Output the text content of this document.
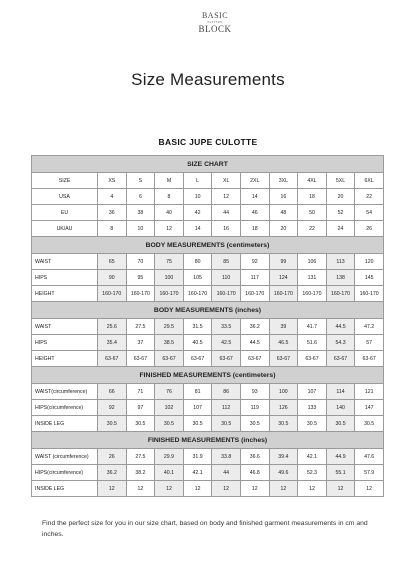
BASIC
PATTERN
BLOCK
Size Measurements
BASIC JUPE CULOTTE
SIZE CHART										
SIZE	XS	S	M	L	XL	2XL	3XL	4XL	5XL	6XL
USA	4	6	8	10	12	14	16	18	20	22
EU	36	38	40	42	44	46	48	50	52	54
UK/AU	8	10	12	14	16	18	20	22	24	26
BODY MEASUREMENTS (centimeters)										
WAIST	65	70	75	80	85	92	99	106	113	120
HIPS	90	95	100	105	110	117	124	131	138	145
HEIGHT	160-170	160-170	160-170	160-170	160-170	160-170	160-170	160-170	160-170	160-170
BODY MEASUREMENTS (inches)										
WAIST	25.6	27.5	29.5	31.5	33.5	36.2	39	41.7	44.5	47.2
HIPS	35.4	37	38.5	40.5	42.5	44.5	46.5	51.6	54.3	57
HEIGHT	63-67	63-67	63-67	63-67	63-67	63-67	63-67	63-67	63-67	63-67
FINISHED MEASUREMENTS (centimeters)										
WAIST(circumference)	66	71	76	81	86	93	100	107	114	121
HIPS(circumference)	92	97	102	107	112	119	126	133	140	147
INSIDE LEG	30.5	30.5	30.5	30.5	30.5	30.5	30.5	30.5	30.5	30.5
FINISHED MEASUREMENTS (inches)										
WAIST (circumference)	26	27.5	29.9	31.9	33.8	36.6	39.4	42.1	44.9	47.6
HIPS(circumference)	36.2	38.2	40.1	42.1	44	46.8	49.6	52.3	55.1	57.9
INSIDE LEG	12	12	12	12	12	12	12	12	12	12
Find the perfect size for you in our size chart, based on body and finished garment measurements in cm and inches.
